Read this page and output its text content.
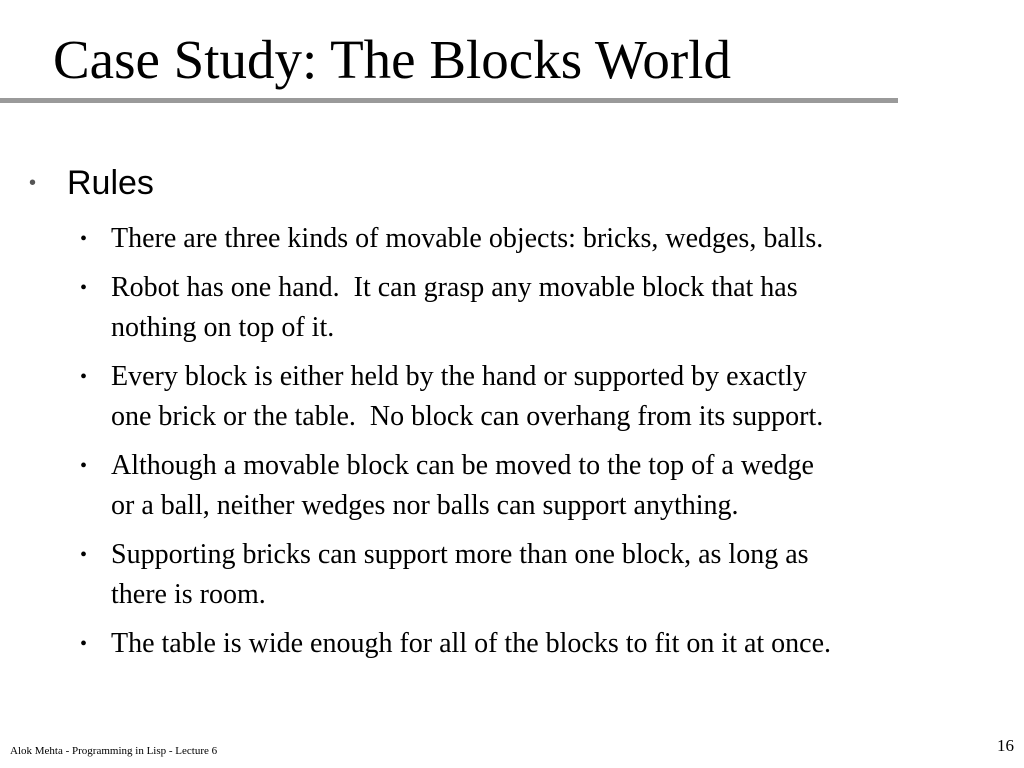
Case Study: The Blocks World
• Rules
• There are three kinds of movable objects: bricks, wedges, balls.
• Robot has one hand.  It can grasp any movable block that has
nothing on top of it.
• Every block is either held by the hand or supported by exactly
one brick or the table.  No block can overhang from its support.
• Although a movable block can be moved to the top of a wedge
or a ball, neither wedges nor balls can support anything.
• Supporting bricks can support more than one block, as long as
there is room.
• The table is wide enough for all of the blocks to fit on it at once.
Alok Mehta - Programming in Lisp - Lecture 6	16
